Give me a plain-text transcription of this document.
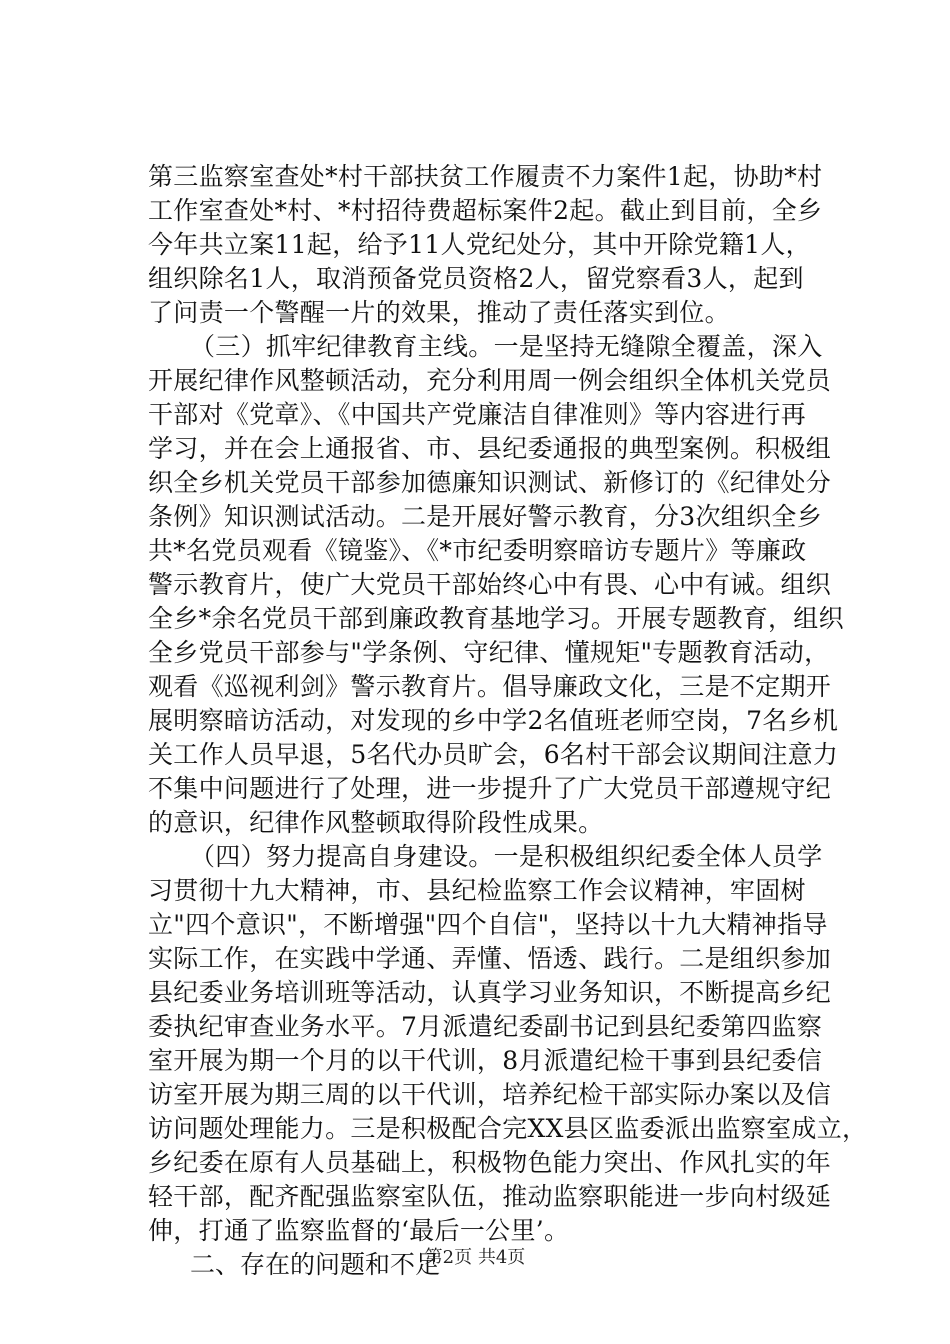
第三监察室查处*村干部扶贫工作履责不力案件1起，协助*村
工作室查处*村、*村招待费超标案件2起。截止到目前，全乡
今年共立案11起，给予11人党纪处分，其中开除党籍1人，
组织除名1人，取消预备党员资格2人，留党察看3人，起到
了问责一个警醒一片的效果，推动了责任落实到位。
（三）抓牢纪律教育主线。一是坚持无缝隙全覆盖，深入
开展纪律作风整顿活动，充分利用周一例会组织全体机关党员
干部对《党章》、《中国共产党廉洁自律准则》等内容进行再
学习，并在会上通报省、市、县纪委通报的典型案例。积极组
织全乡机关党员干部参加德廉知识测试、新修订的《纪律处分
条例》知识测试活动。二是开展好警示教育，分3次组织全乡
共*名党员观看《镜鉴》、《*市纪委明察暗访专题片》等廉政
警示教育片，使广大党员干部始终心中有畏、心中有诫。组织
全乡*余名党员干部到廉政教育基地学习。开展专题教育，组织
全乡党员干部参与"学条例、守纪律、懂规矩"专题教育活动，
观看《巡视利剑》警示教育片。倡导廉政文化，三是不定期开
展明察暗访活动，对发现的乡中学2名值班老师空岗，7名乡机
关工作人员早退，5名代办员旷会，6名村干部会议期间注意力
不集中问题进行了处理，进一步提升了广大党员干部遵规守纪
的意识，纪律作风整顿取得阶段性成果。
（四）努力提高自身建设。一是积极组织纪委全体人员学
习贯彻十九大精神，市、县纪检监察工作会议精神，牢固树
立"四个意识"，不断增强"四个自信"，坚持以十九大精神指导
实际工作，在实践中学通、弄懂、悟透、践行。二是组织参加
县纪委业务培训班等活动，认真学习业务知识，不断提高乡纪
委执纪审查业务水平。7月派遣纪委副书记到县纪委第四监察
室开展为期一个月的以干代训，8月派遣纪检干事到县纪委信
访室开展为期三周的以干代训，培养纪检干部实际办案以及信
访问题处理能力。三是积极配合完XX县区监委派出监察室成立，
乡纪委在原有人员基础上，积极物色能力突出、作风扎实的年
轻干部，配齐配强监察室队伍，推动监察职能进一步向村级延
伸，打通了监察监督的‘最后一公里’。
二、存在的问题和不足
第2页 共4页
